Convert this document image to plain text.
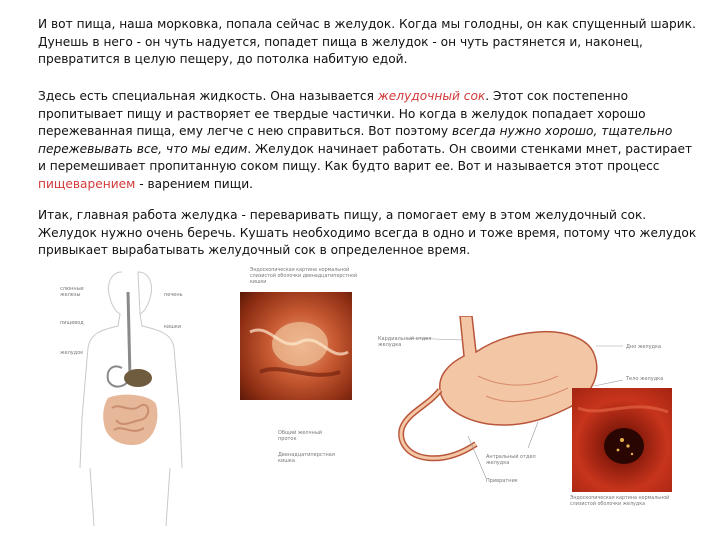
И вот пища, наша морковка, попала сейчас в желудок. Когда мы голодны, он как спущенный шарик. Дунешь в него - он чуть надуется, попадет пища в желудок - он чуть растянется и, наконец, превратится в целую пещеру, до потолка набитую едой.

Здесь есть специальная жидкость. Она называется желудочный сок. Этот сок постепенно пропитывает пищу и растворяет ее твердые частички. Но когда в желудок попадает хорошо пережеванная пища, ему легче с нею справиться. Вот поэтому всегда нужно хорошо, тщательно пережевывать все, что мы едим. Желудок начинает работать. Он своими стенками мнет, растирает и перемешивает пропитанную соком пищу. Как будто варит ее. Вот и называется этот процесс пищеварением - варением пищи.

Итак, главная работа желудка - переваривать пищу, а помогает ему в этом желудочный сок. Желудок нужно очень беречь. Кушать необходимо всегда в одно и тоже время, потому что желудок привыкает вырабатывать желудочный сок в определенное время.

слюнные железы
пищевод
желудок
печень
кишки
Эндоскопическая картина нормальной слизистой оболочки двенадцатиперстной кишки
Кардиальный отдел желудка
Общий желчный проток
Двенадцатиперстная кишка
Дно желудка
Тело желудка
Антральный отдел желудка
Привратник
Эндоскопическая картина нормальной слизистой оболочки желудка
